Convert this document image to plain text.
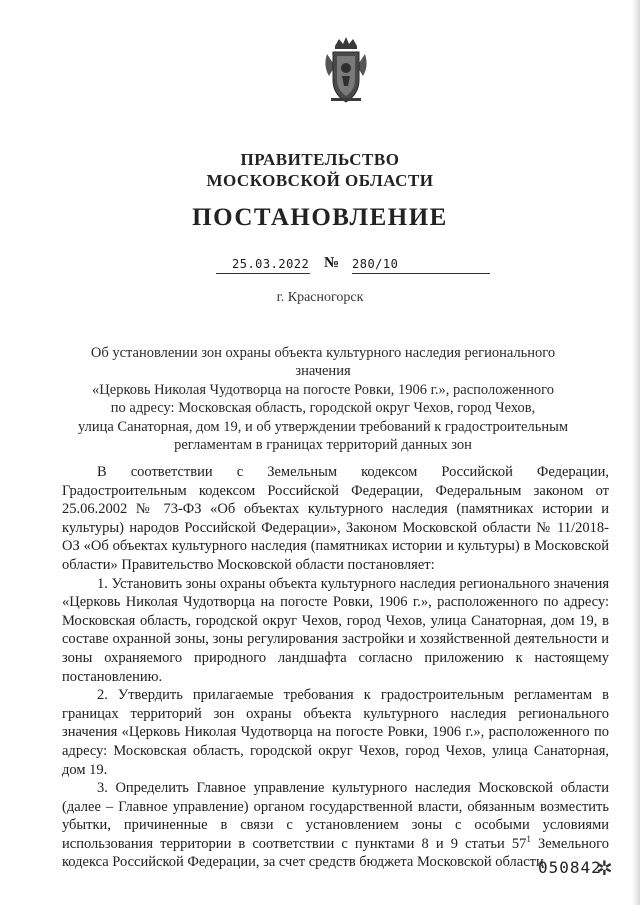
ПРАВИТЕЛЬСТВО
МОСКОВСКОЙ ОБЛАСТИ
ПОСТАНОВЛЕНИЕ
25.03.2022 № 280/10
г. Красногорск
Об установлении зон охраны объекта культурного наследия регионального значения
«Церковь Николая Чудотворца на погосте Ровки, 1906 г.», расположенного
по адресу: Московская область, городской округ Чехов, город Чехов,
улица Санаторная, дом 19, и об утверждении требований к градостроительным
регламентам в границах территорий данных зон

В соответствии с Земельным кодексом Российской Федерации, Градостроительным кодексом Российской Федерации, Федеральным законом от 25.06.2002 № 73-ФЗ «Об объектах культурного наследия (памятниках истории и культуры) народов Российской Федерации», Законом Московской области № 11/2018-ОЗ «Об объектах культурного наследия (памятниках истории и культуры) в Московской области» Правительство Московской области постановляет:

1. Установить зоны охраны объекта культурного наследия регионального значения «Церковь Николая Чудотворца на погосте Ровки, 1906 г.», расположенного по адресу: Московская область, городской округ Чехов, город Чехов, улица Санаторная, дом 19, в составе охранной зоны, зоны регулирования застройки и хозяйственной деятельности и зоны охраняемого природного ландшафта согласно приложению к настоящему постановлению.

2. Утвердить прилагаемые требования к градостроительным регламентам в границах территорий зон охраны объекта культурного наследия регионального значения «Церковь Николая Чудотворца на погосте Ровки, 1906 г.», расположенного по адресу: Московская область, городской округ Чехов, город Чехов, улица Санаторная, дом 19.

3. Определить Главное управление культурного наследия Московской области (далее – Главное управление) органом государственной власти, обязанным возместить убытки, причиненные в связи с установлением зоны с особыми условиями использования территории в соответствии с пунктами 8 и 9 статьи $57^1$ Земельного кодекса Российской Федерации, за счет средств бюджета Московской области,

050842
✲
